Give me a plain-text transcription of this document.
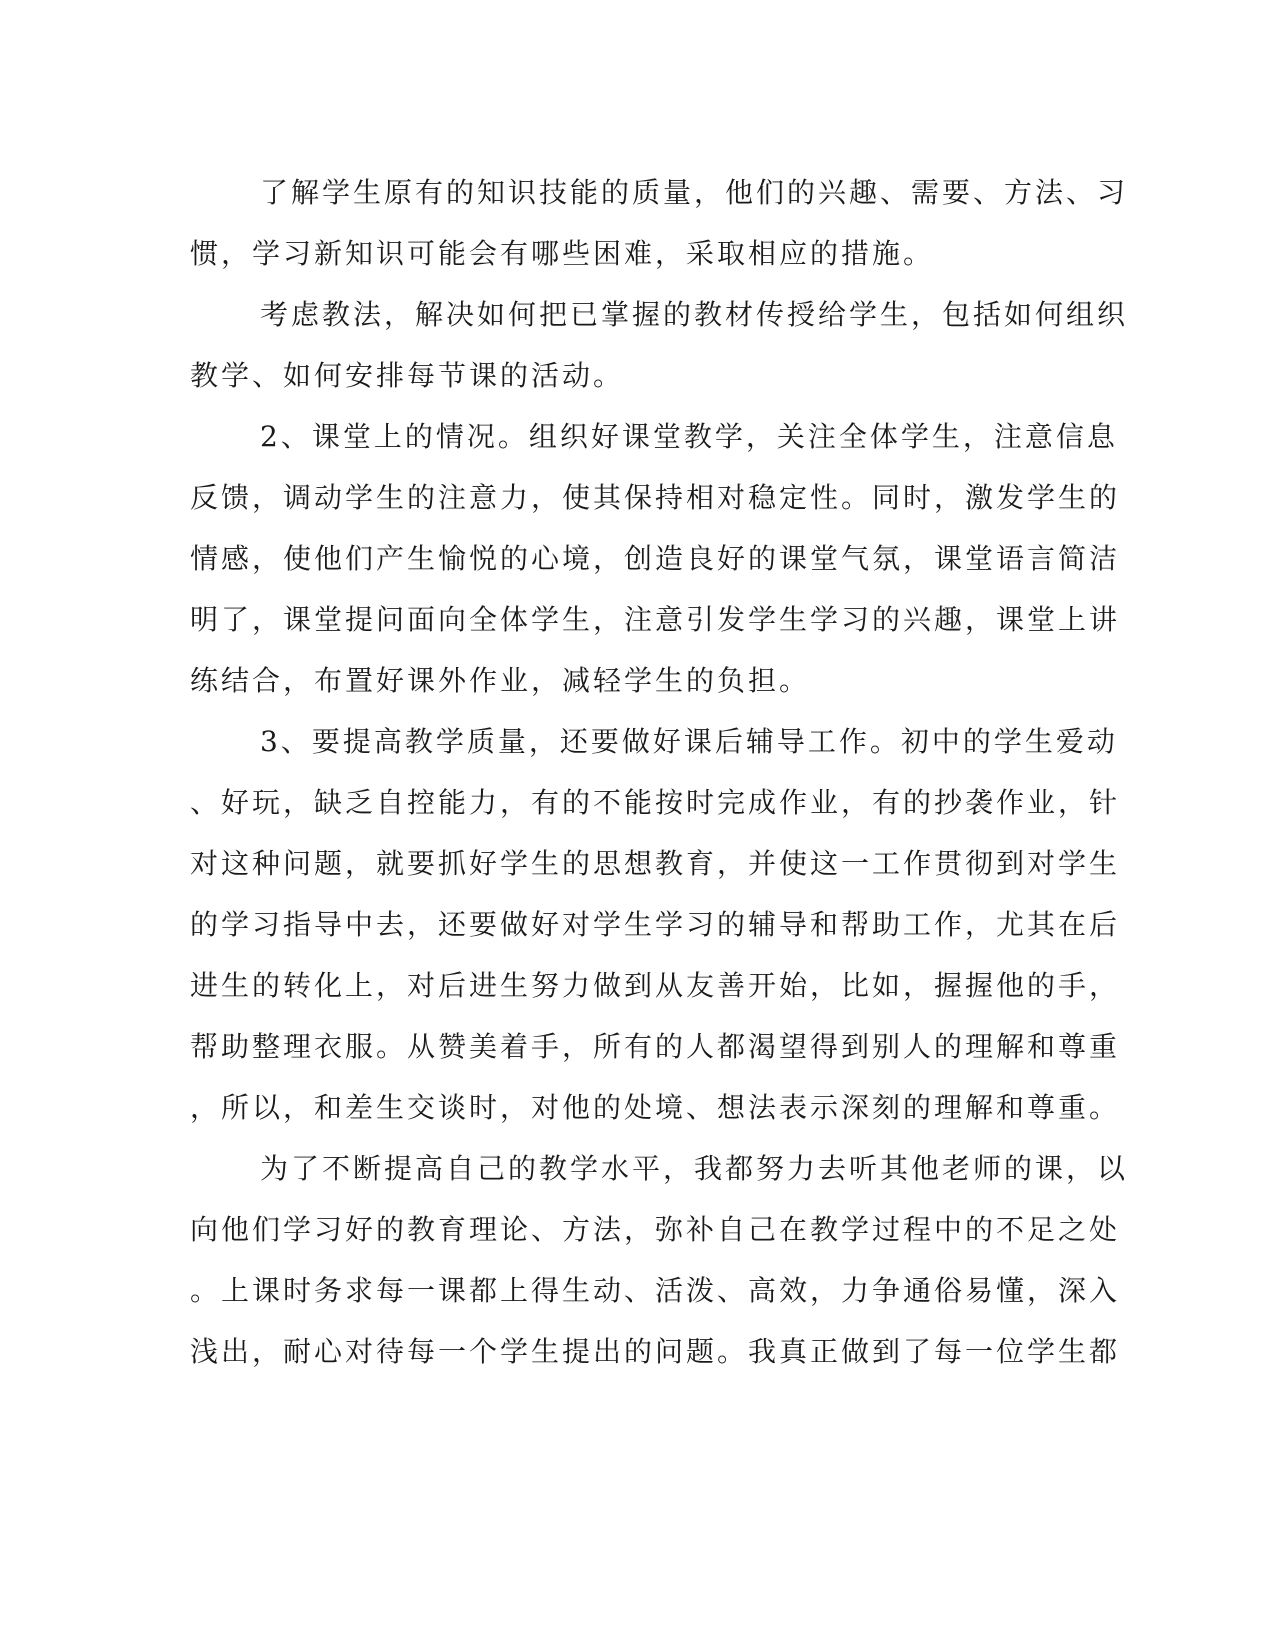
了解学生原有的知识技能的质量，他们的兴趣、需要、方法、习
惯，学习新知识可能会有哪些困难，采取相应的措施。
考虑教法，解决如何把已掌握的教材传授给学生，包括如何组织
教学、如何安排每节课的活动。
2、课堂上的情况。组织好课堂教学，关注全体学生，注意信息
反馈，调动学生的注意力，使其保持相对稳定性。同时，激发学生的
情感，使他们产生愉悦的心境，创造良好的课堂气氛，课堂语言简洁
明了，课堂提问面向全体学生，注意引发学生学习的兴趣，课堂上讲
练结合，布置好课外作业，减轻学生的负担。
3、要提高教学质量，还要做好课后辅导工作。初中的学生爱动
、好玩，缺乏自控能力，有的不能按时完成作业，有的抄袭作业，针
对这种问题，就要抓好学生的思想教育，并使这一工作贯彻到对学生
的学习指导中去，还要做好对学生学习的辅导和帮助工作，尤其在后
进生的转化上，对后进生努力做到从友善开始，比如，握握他的手，
帮助整理衣服。从赞美着手，所有的人都渴望得到别人的理解和尊重
，所以，和差生交谈时，对他的处境、想法表示深刻的理解和尊重。
为了不断提高自己的教学水平，我都努力去听其他老师的课，以
向他们学习好的教育理论、方法，弥补自己在教学过程中的不足之处
。上课时务求每一课都上得生动、活泼、高效，力争通俗易懂，深入
浅出，耐心对待每一个学生提出的问题。我真正做到了每一位学生都
